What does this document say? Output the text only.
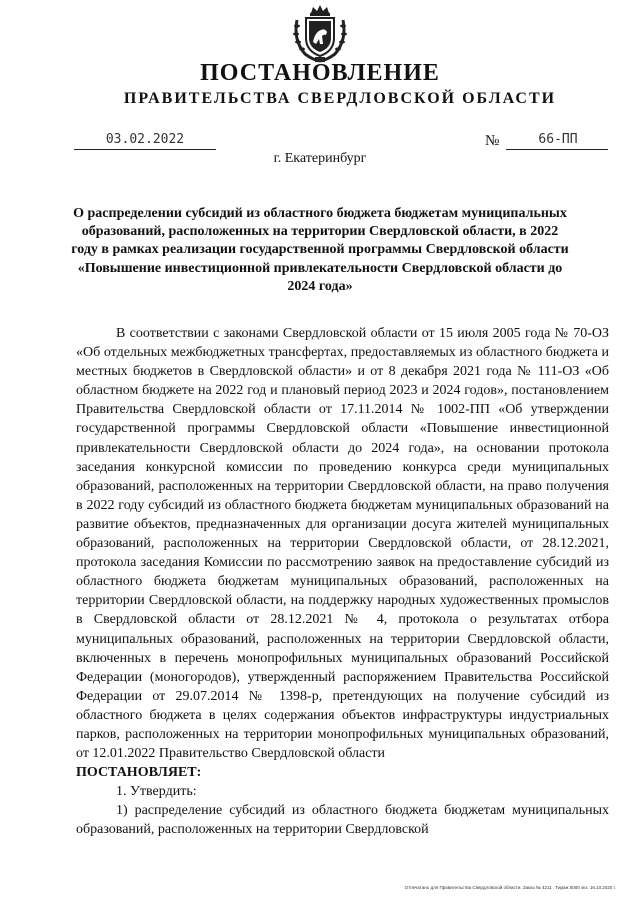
ПОСТАНОВЛЕНИЕ
ПРАВИТЕЛЬСТВА СВЕРДЛОВСКОЙ ОБЛАСТИ
03.02.2022	№	66-ПП
г. Екатеринбург
О распределении субсидий из областного бюджета бюджетам муниципальных образований, расположенных на территории Свердловской области, в 2022 году в рамках реализации государственной программы Свердловской области «Повышение инвестиционной привлекательности Свердловской области до 2024 года»

В соответствии с законами Свердловской области от 15 июля 2005 года № 70-ОЗ «Об отдельных межбюджетных трансфертах, предоставляемых из областного бюджета и местных бюджетов в Свердловской области» и от 8 декабря 2021 года № 111-ОЗ «Об областном бюджете на 2022 год и плановый период 2023 и 2024 годов», постановлением Правительства Свердловской области от 17.11.2014 № 1002-ПП «Об утверждении государственной программы Свердловской области «Повышение инвестиционной привлекательности Свердловской области до 2024 года», на основании протокола заседания конкурсной комиссии по проведению конкурса среди муниципальных образований, расположенных на территории Свердловской области, на право получения в 2022 году субсидий из областного бюджета бюджетам муниципальных образований на развитие объектов, предназначенных для организации досуга жителей муниципальных образований, расположенных на территории Свердловской области, от 28.12.2021, протокола заседания Комиссии по рассмотрению заявок на предоставление субсидий из областного бюджета бюджетам муниципальных образований, расположенных на территории Свердловской области, на поддержку народных художественных промыслов в Свердловской области от 28.12.2021 № 4, протокола о результатах отбора муниципальных образований, расположенных на территории Свердловской области, включенных в перечень монопрофильных муниципальных образований Российской Федерации (моногородов), утвержденный распоряжением Правительства Российской Федерации от 29.07.2014 № 1398-р, претендующих на получение субсидий из областного бюджета в целях содержания объектов инфраструктуры индустриальных парков, расположенных на территории монопрофильных муниципальных образований, от 12.01.2022 Правительство Свердловской области

ПОСТАНОВЛЯЕТ:

1. Утвердить:

1) распределение субсидий из областного бюджета бюджетам муниципальных образований, расположенных на территории Свердловской

Отпечатано для Правительства Свердловской области. Заказ № 4211 . Тираж 5000 экз. 16.10.2020 г.
